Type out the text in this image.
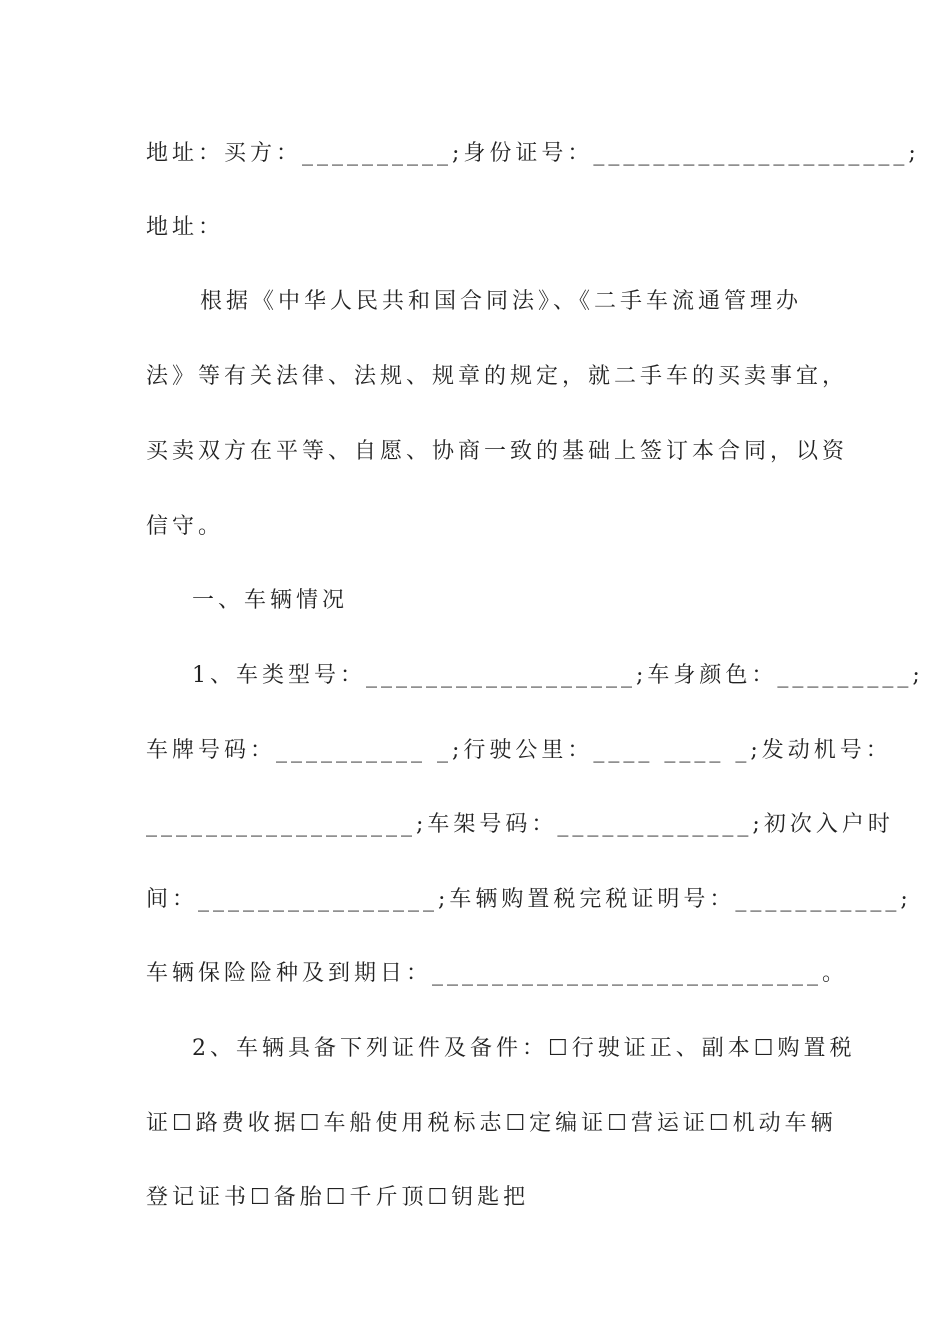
地址：买方：__________;身份证号：_____________________;
地址：
根据《中华人民共和国合同法》、《二手车流通管理办
法》等有关法律、法规、规章的规定，就二手车的买卖事宜，
买卖双方在平等、自愿、协商一致的基础上签订本合同，以资
信守。
一、车辆情况
1、车类型号：__________________;车身颜色：_________;
车牌号码：__________ _;行驶公里：____ ____ _;发动机号：
__________________;车架号码：_____________;初次入户时
间：________________;车辆购置税完税证明号：___________;
车辆保险险种及到期日：__________________________。
2、车辆具备下列证件及备件：☐行驶证正、副本☐购置税
证☐路费收据☐车船使用税标志☐定编证☐营运证☐机动车辆
登记证书☐备胎☐千斤顶☐钥匙把
